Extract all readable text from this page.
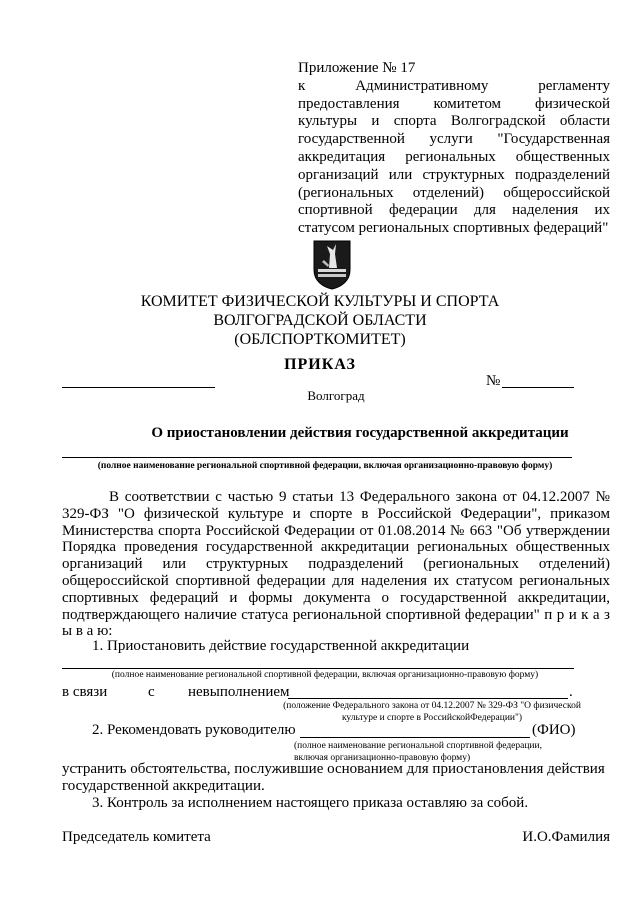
Приложение № 17
к Административному регламенту предоставления комитетом физической культуры и спорта Волгоградской области государственной услуги "Государственная аккредитация региональных общественных организаций или структурных подразделений (региональных отделений) общероссийской спортивной федерации для наделения их статусом региональных спортивных федераций"
КОМИТЕТ ФИЗИЧЕСКОЙ КУЛЬТУРЫ И СПОРТА
ВОЛГОГРАДСКОЙ ОБЛАСТИ
(ОБЛСПОРТКОМИТЕТ)
ПРИКАЗ
№
Волгоград
О приостановлении действия государственной аккредитации
(полное наименование региональной спортивной федерации, включая организационно-правовую форму)
В соответствии с частью 9 статьи 13 Федерального закона от 04.12.2007 № 329-ФЗ "О физической культуре и спорте в Российской Федерации", приказом Министерства спорта Российской Федерации от 01.08.2014 № 663 "Об утверждении Порядка проведения государственной аккредитации региональных общественных организаций или структурных подразделений (региональных отделений) общероссийской спортивной федерации для наделения их статусом региональных спортивных федераций и формы документа о государственной аккредитации, подтверждающего наличие статуса региональной спортивной федерации" п р и к а з ы в а ю:
1. Приостановить действие государственной аккредитации
(полное наименование региональной спортивной федерации, включая организационно-правовую форму)
в связи	с невыполнением	.
(положение Федерального закона от 04.12.2007 № 329-ФЗ "О физической культуре и спорте в РоссийскойФедерации")
2. Рекомендовать руководителю	(ФИО)
(полное наименование региональной спортивной федерации, включая организационно-правовую форму)
устранить обстоятельства, послужившие основанием для приостановления действия государственной аккредитации.
3. Контроль за исполнением настоящего приказа оставляю за собой.
Председатель комитета	И.О.Фамилия
